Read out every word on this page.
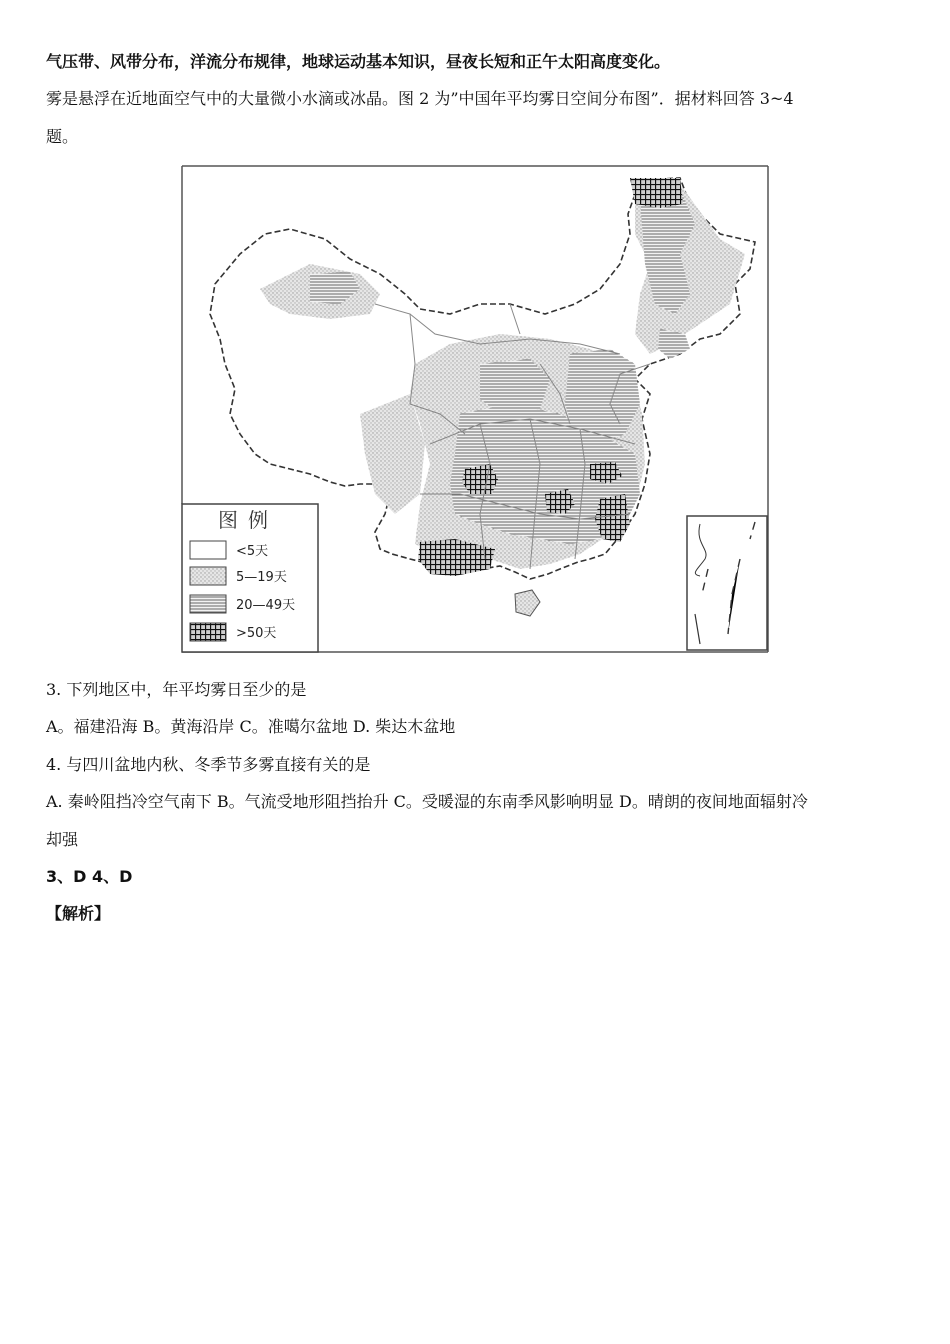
气压带、风带分布，洋流分布规律，地球运动基本知识，昼夜长短和正午太阳高度变化。
雾是悬浮在近地面空气中的大量微小水滴或冰晶。图 2 为”中国年平均雾日空间分布图”．据材料回答 3~4
题。
图例
<5天
5—19天
20—49天
>50天
3. 下列地区中，年平均雾日至少的是
A。福建沿海 B。黄海沿岸 C。准噶尔盆地 D. 柴达木盆地
4. 与四川盆地内秋、冬季节多雾直接有关的是
A. 秦岭阻挡冷空气南下 B。气流受地形阻挡抬升 C。受暖湿的东南季风影响明显 D。晴朗的夜间地面辐射冷
却强
3、D 4、D
【解析】
